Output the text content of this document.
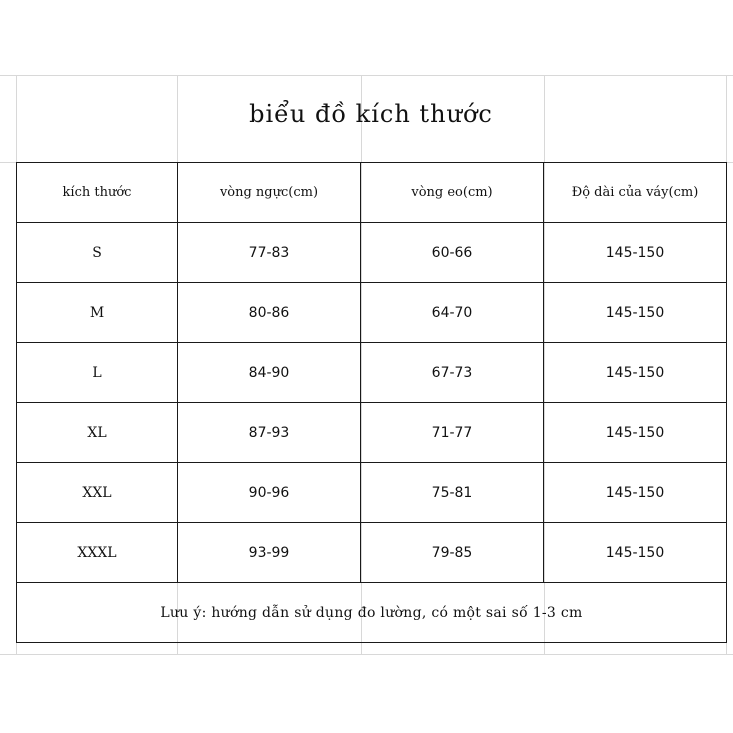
biểu đồ kích thước
kích thước	vòng ngực(cm)	vòng eo(cm)	Độ dài của váy(cm)
S	77-83	60-66	145-150
M	80-86	64-70	145-150
L	84-90	67-73	145-150
XL	87-93	71-77	145-150
XXL	90-96	75-81	145-150
XXXL	93-99	79-85	145-150
Lưu ý: hướng dẫn sử dụng đo lường, có một sai số 1-3 cm			
